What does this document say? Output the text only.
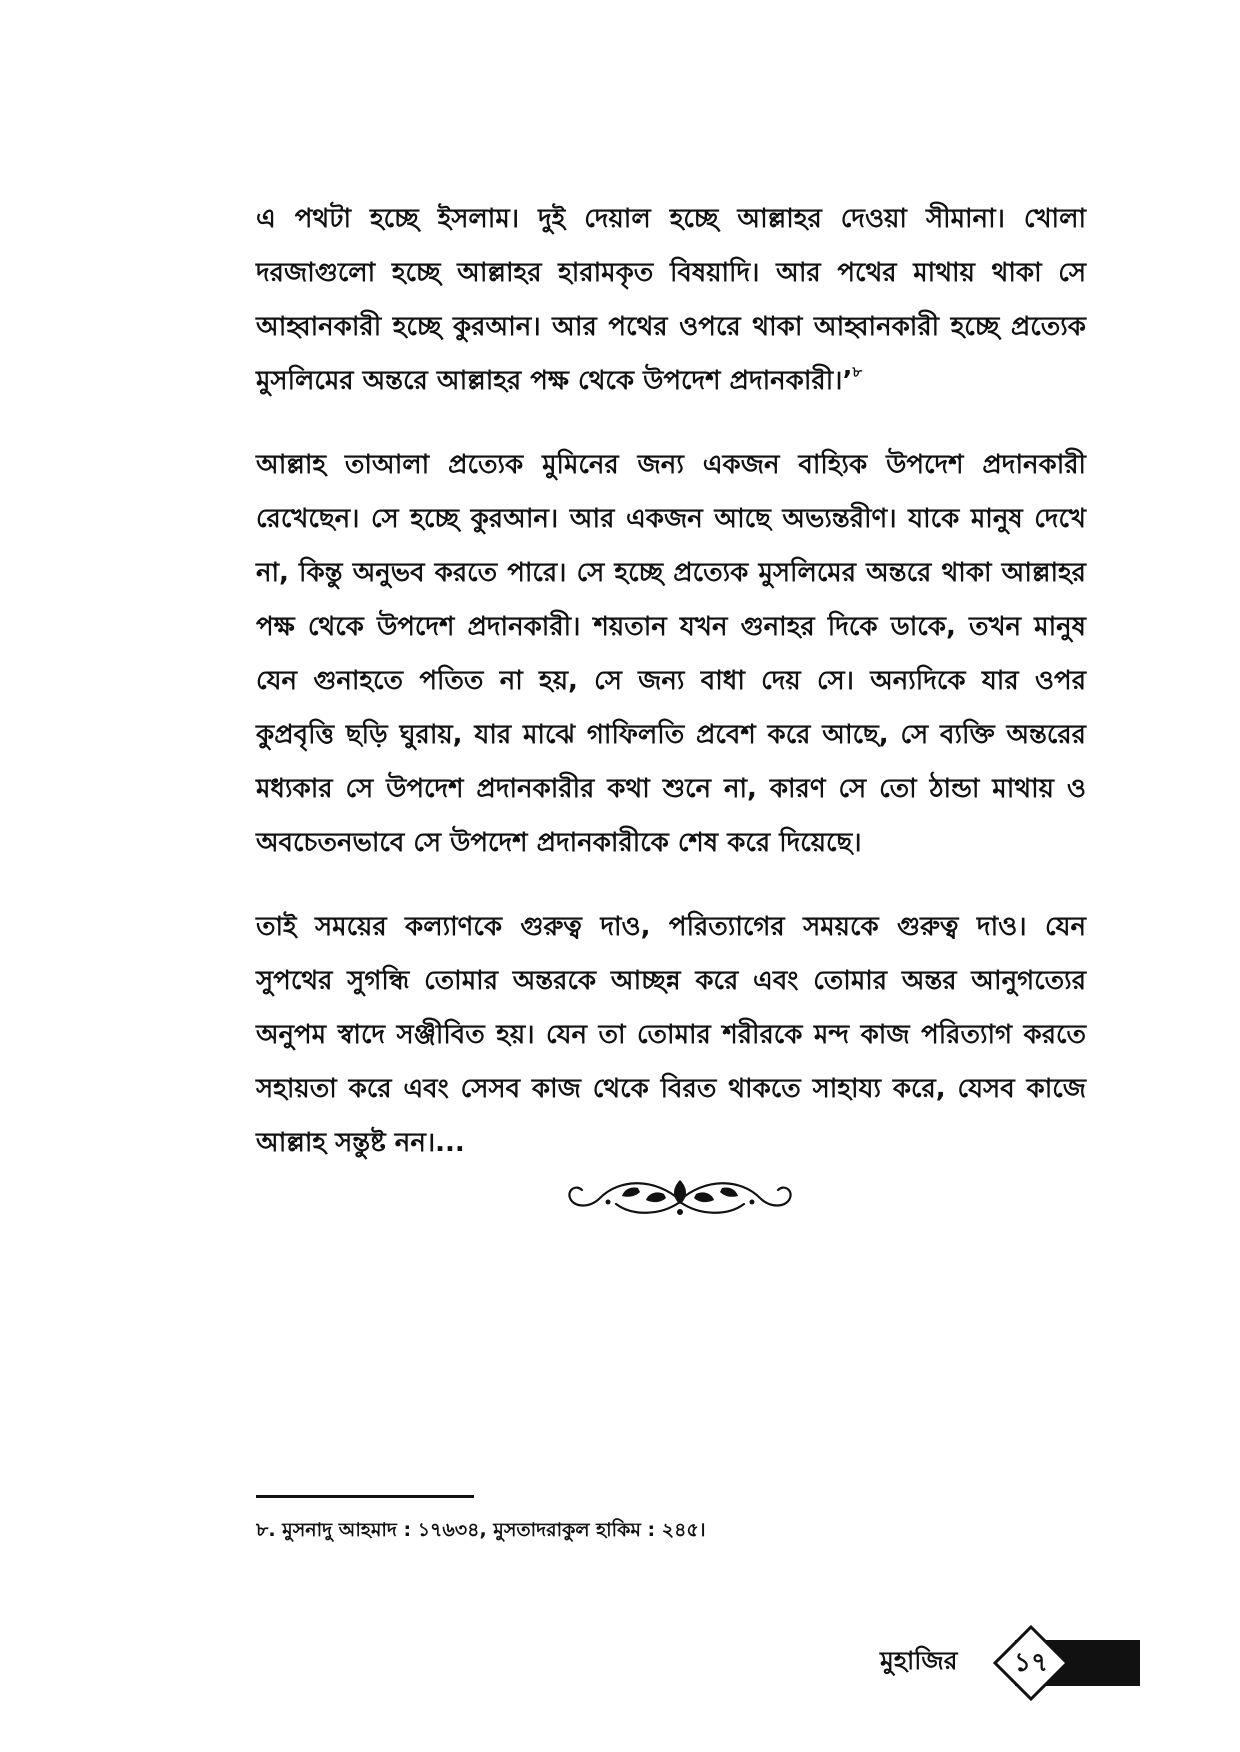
এ পথটা হচ্ছে ইসলাম। দুই দেয়াল হচ্ছে আল্লাহর দেওয়া সীমানা। খোলা দরজাগুলো হচ্ছে আল্লাহর হারামকৃত বিষয়াদি। আর পথের মাথায় থাকা সে আহ্বানকারী হচ্ছে কুরআন। আর পথের ওপরে থাকা আহ্বানকারী হচ্ছে প্রত্যেক মুসলিমের অন্তরে আল্লাহর পক্ষ থেকে উপদেশ প্রদানকারী।’$^৮$

আল্লাহ তাআলা প্রত্যেক মুমিনের জন্য একজন বাহ্যিক উপদেশ প্রদানকারী রেখেছেন। সে হচ্ছে কুরআন। আর একজন আছে অভ্যন্তরীণ। যাকে মানুষ দেখে না, কিন্তু অনুভব করতে পারে। সে হচ্ছে প্রত্যেক মুসলিমের অন্তরে থাকা আল্লাহর পক্ষ থেকে উপদেশ প্রদানকারী। শয়তান যখন গুনাহর দিকে ডাকে, তখন মানুষ যেন গুনাহতে পতিত না হয়, সে জন্য বাধা দেয় সে। অন্যদিকে যার ওপর কুপ্রবৃত্তি ছড়ি ঘুরায়, যার মাঝে গাফিলতি প্রবেশ করে আছে, সে ব্যক্তি অন্তরের মধ্যকার সে উপদেশ প্রদানকারীর কথা শুনে না, কারণ সে তো ঠান্ডা মাথায় ও অবচেতনভাবে সে উপদেশ প্রদানকারীকে শেষ করে দিয়েছে।

তাই সময়ের কল্যাণকে গুরুত্ব দাও, পরিত্যাগের সময়কে গুরুত্ব দাও। যেন সুপথের সুগন্ধি তোমার অন্তরকে আচ্ছন্ন করে এবং তোমার অন্তর আনুগত্যের অনুপম স্বাদে সঞ্জীবিত হয়। যেন তা তোমার শরীরকে মন্দ কাজ পরিত্যাগ করতে সহায়তা করে এবং সেসব কাজ থেকে বিরত থাকতে সাহায্য করে, যেসব কাজে আল্লাহ সন্তুষ্ট নন।...

৮. মুসনাদু আহমাদ : ১৭৬৩৪, মুসতাদরাকুল হাকিম : ২৪৫।
মুহাজির	১৭
